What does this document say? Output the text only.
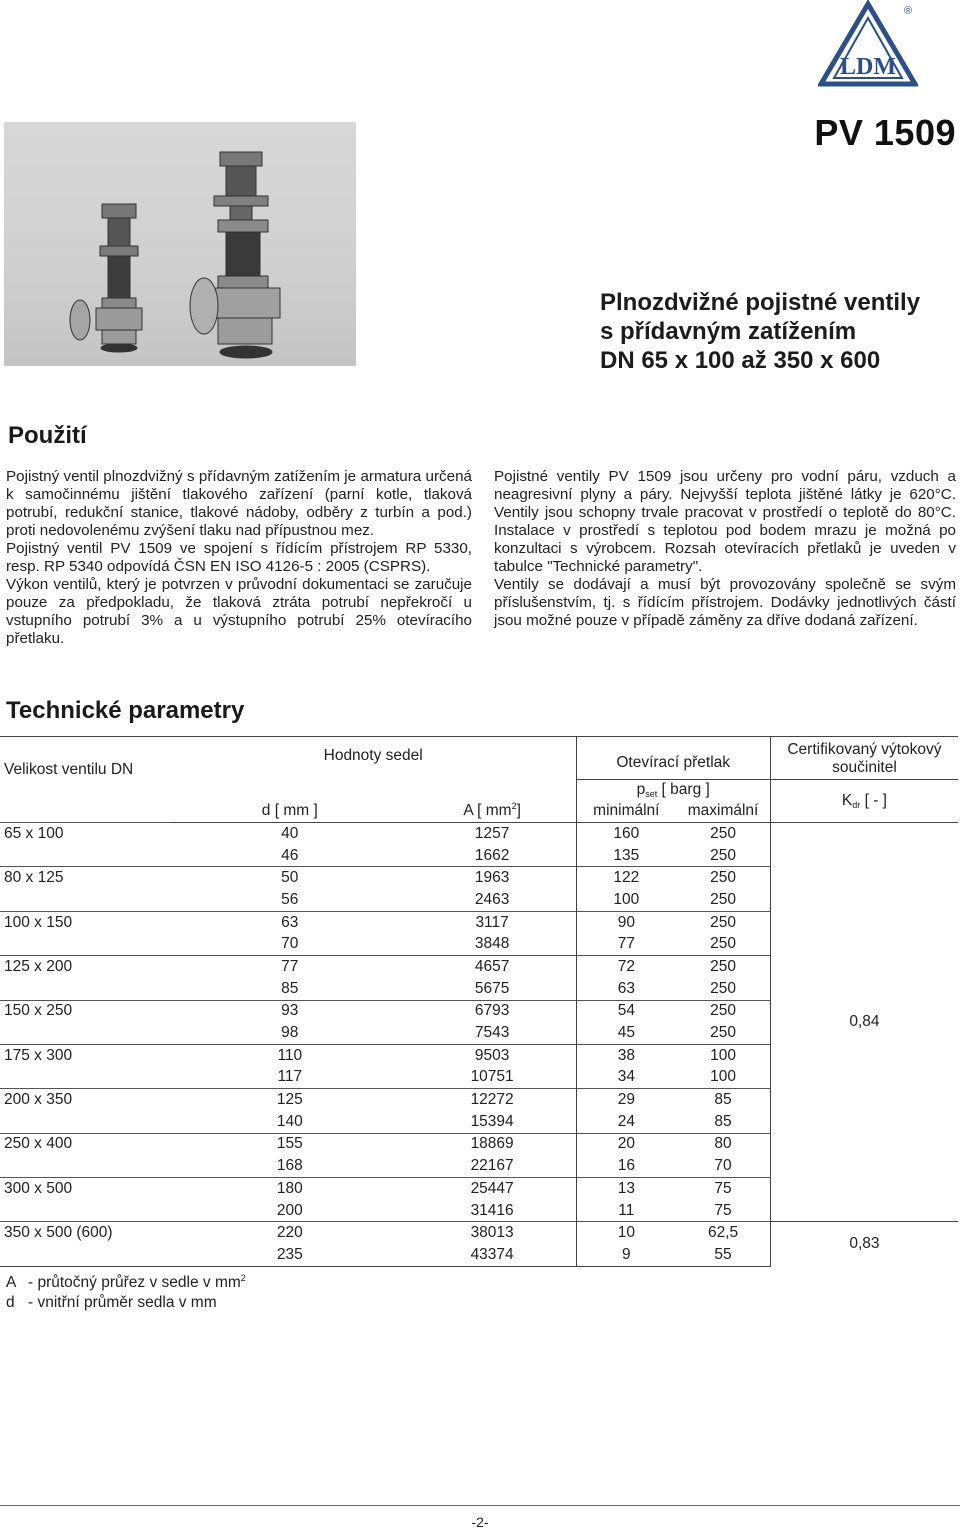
LDM
®
PV 1509
Plnozdvižné pojistné ventily
s přídavným zatížením
DN 65 x 100 až 350 x 600
Použití

Pojistný ventil plnozdvižný s přídavným zatížením je armatura určená k samočinnému jištění tlakového zařízení (parní kotle, tlaková potrubí, redukční stanice, tlakové nádoby, odběry z turbín a pod.) proti nedovolenému zvýšení tlaku nad přípustnou mez.

Pojistný ventil PV 1509 ve spojení s řídícím přístrojem RP 5330, resp. RP 5340 odpovídá ČSN EN ISO 4126-5 : 2005 (CSPRS).

Výkon ventilů, který je potvrzen v průvodní dokumentaci se zaručuje pouze za předpokladu, že tlaková ztráta potrubí nepřekročí u vstupního potrubí 3% a u výstupního potrubí 25% otevíracího přetlaku.

Pojistné ventily PV 1509 jsou určeny pro vodní páru, vzduch a neagresivní plyny a páry. Nejvyšší teplota jištěné látky je 620°C. Ventily jsou schopny trvale pracovat v prostředí o teplotě do 80°C. Instalace v prostředí s teplotou pod bodem mrazu je možná po konzultaci s výrobcem. Rozsah otevíracích přetlaků je uveden v tabulce "Technické parametry".

Ventily se dodávají a musí být provozovány společně se svým příslušenstvím, tj. s řídícím přístrojem. Dodávky jednotlivých částí jsou možné pouze v případě záměny za dříve dodaná zařízení.

Technické parametry
Velikost ventilu DN	Hodnoty sedel		Otevírací přetlak		Certifikovaný výtokový součinitel
			pset [ barg ]		Kdr [ - ]
	d [ mm ]	A [ $mm^2$]	minimální	maximální	
65 x 100	40	1257	160	250	0,84
	46	1662	135	250	
80 x 125	50	1963	122	250	
	56	2463	100	250	
100 x 150	63	3117	90	250	
	70	3848	77	250	
125 x 200	77	4657	72	250	
	85	5675	63	250	
150 x 250	93	6793	54	250	
	98	7543	45	250	
175 x 300	110	9503	38	100	
	117	10751	34	100	
200 x 350	125	12272	29	85	
	140	15394	24	85	
250 x 400	155	18869	20	80	
	168	22167	16	70	
300 x 500	180	25447	13	75	
	200	31416	11	75	
350 x 500 (600)	220	38013	10	62,5	0,83
	235	43374	9	55	
A - průtočný průřez v sedle v $mm^2$
d - vnitřní průměr sedla v mm
-2-
